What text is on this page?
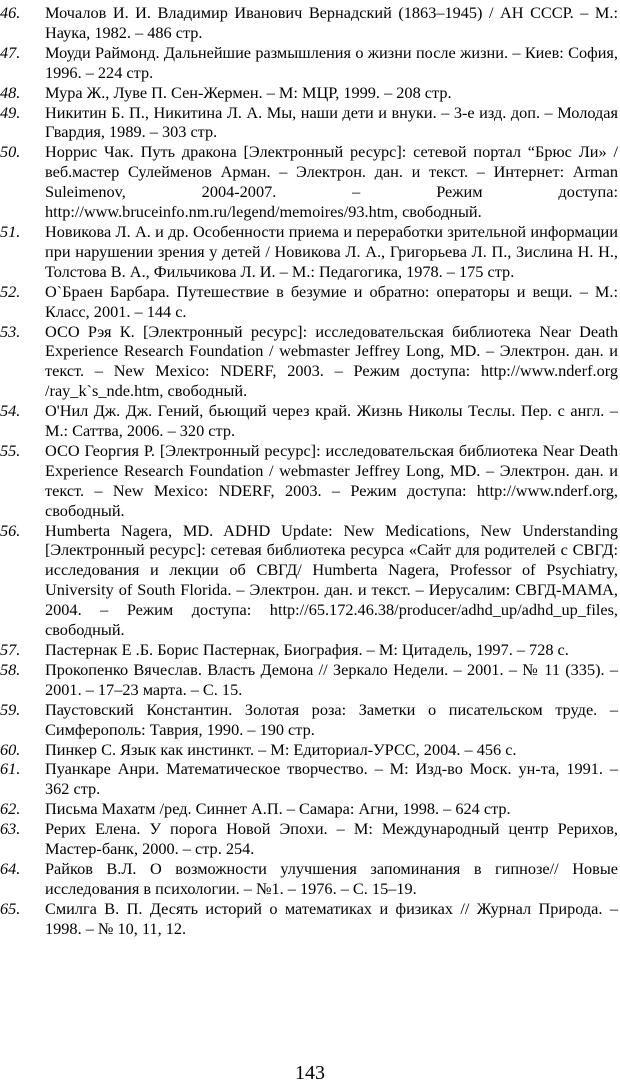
46. Мочалов И. И. Владимир Иванович Вернадский (1863–1945) / АН СССР. – М.: Наука, 1982. – 486 стр.
47. Моуди Раймонд. Дальнейшие размышления о жизни после жизни. – Киев: София, 1996. – 224 стр.
48. Мура Ж., Луве П. Сен-Жермен. – М: МЦР, 1999. – 208 стр.
49. Никитин Б. П., Никитина Л. А. Мы, наши дети и внуки. – 3-е изд. доп. – Молодая Гвардия, 1989. – 303 стр.
50. Норрис Чак. Путь дракона [Электронный ресурс]: сетевой портал “Брюс Ли» / веб.мастер Сулейменов Арман. – Электрон. дан. и текст. – Интернет: Arman Suleimenov, 2004-2007. – Режим доступа: http://www.bruceinfo.nm.ru/legend/memoires/93.htm, свободный.
51. Новикова Л. А. и др. Особенности приема и переработки зрительной информации при нарушении зрения у детей / Новикова Л. А., Григорьева Л. П., Зислина Н. Н., Толстова В. А., Фильчикова Л. И. – М.: Педагогика, 1978. – 175 стр.
52. О`Браен Барбара. Путешествие в безумие и обратно: операторы и вещи. – М.: Класс, 2001. – 144 с.
53. ОСО Рэя К. [Электронный ресурс]: исследовательская библиотека Near Death Experience Research Foundation / webmaster Jeffrey Long, MD. – Электрон. дан. и текст. – New Mexico: NDERF, 2003. – Режим доступа: http://www.nderf.org /ray_k`s_nde.htm, свободный.
54. О'Нил Дж. Дж. Гений, бьющий через край. Жизнь Николы Теслы. Пер. с англ. – М.: Саттва, 2006. – 320 стр.
55. ОСО Георгия Р. [Электронный ресурс]: исследовательская библиотека Near Death Experience Research Foundation / webmaster Jeffrey Long, MD. – Электрон. дан. и текст. – New Mexico: NDERF, 2003. – Режим доступа: http://www.nderf.org, свободный.
56. Humberta Nagera, MD. ADHD Update: New Medications, New Understanding [Электронный ресурс]: сетевая библиотека ресурса «Сайт для родителей с СВГД: исследования и лекции об СВГД/ Humberta Nagera, Professor of Psychiatry, University of South Florida. – Электрон. дан. и текст. – Иерусалим: СВГД-МАМА, 2004. – Режим доступа: http://65.172.46.38/producer/adhd_up/adhd_up_files, свободный.
57. Пастернак Е .Б. Борис Пастернак, Биография. – М: Цитадель, 1997. – 728 с.
58. Прокопенко Вячеслав. Власть Демона // Зеркало Недели. – 2001. – № 11 (335). – 2001. – 17–23 марта. – С. 15.
59. Паустовский Константин. Золотая роза: Заметки о писательском труде. – Симферополь: Таврия, 1990. – 190 стр.
60. Пинкер С. Язык как инстинкт. – М: Едиториал-УРСС, 2004. – 456 с.
61. Пуанкаре Анри. Математическое творчество. – М: Изд-во Моск. ун-та, 1991. – 362 стр.
62. Письма Махатм /ред. Синнет А.П. – Самара: Агни, 1998. – 624 стр.
63. Рерих Елена. У порога Новой Эпохи. – М: Международный центр Рерихов, Мастер-банк, 2000. – стр. 254.
64. Райков В.Л. О возможности улучшения запоминания в гипнозе// Новые исследования в психологии. – №1. – 1976. – С. 15–19.
65. Смилга В. П. Десять историй о математиках и физиках // Журнал Природа. – 1998. – № 10, 11, 12.
143
